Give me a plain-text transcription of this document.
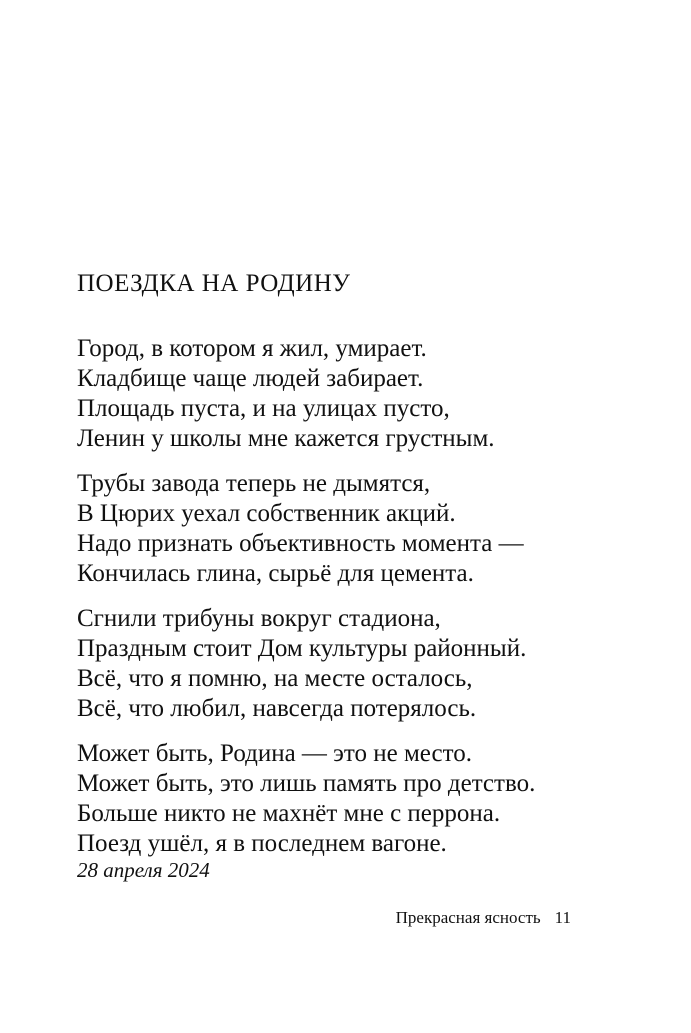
ПОЕЗДКА НА РОДИНУ
Город, в котором я жил, умирает.
Кладбище чаще людей забирает.
Площадь пуста, и на улицах пусто,
Ленин у школы мне кажется грустным.
Трубы завода теперь не дымятся,
В Цюрих уехал собственник акций.
Надо признать объективность момента —
Кончилась глина, сырьё для цемента.
Сгнили трибуны вокруг стадиона,
Праздным стоит Дом культуры районный.
Всё, что я помню, на месте осталось,
Всё, что любил, навсегда потерялось.
Может быть, Родина — это не место.
Может быть, это лишь память про детство.
Больше никто не махнёт мне с перрона.
Поезд ушёл, я в последнем вагоне.
28 апреля 2024
Прекрасная ясность 11
